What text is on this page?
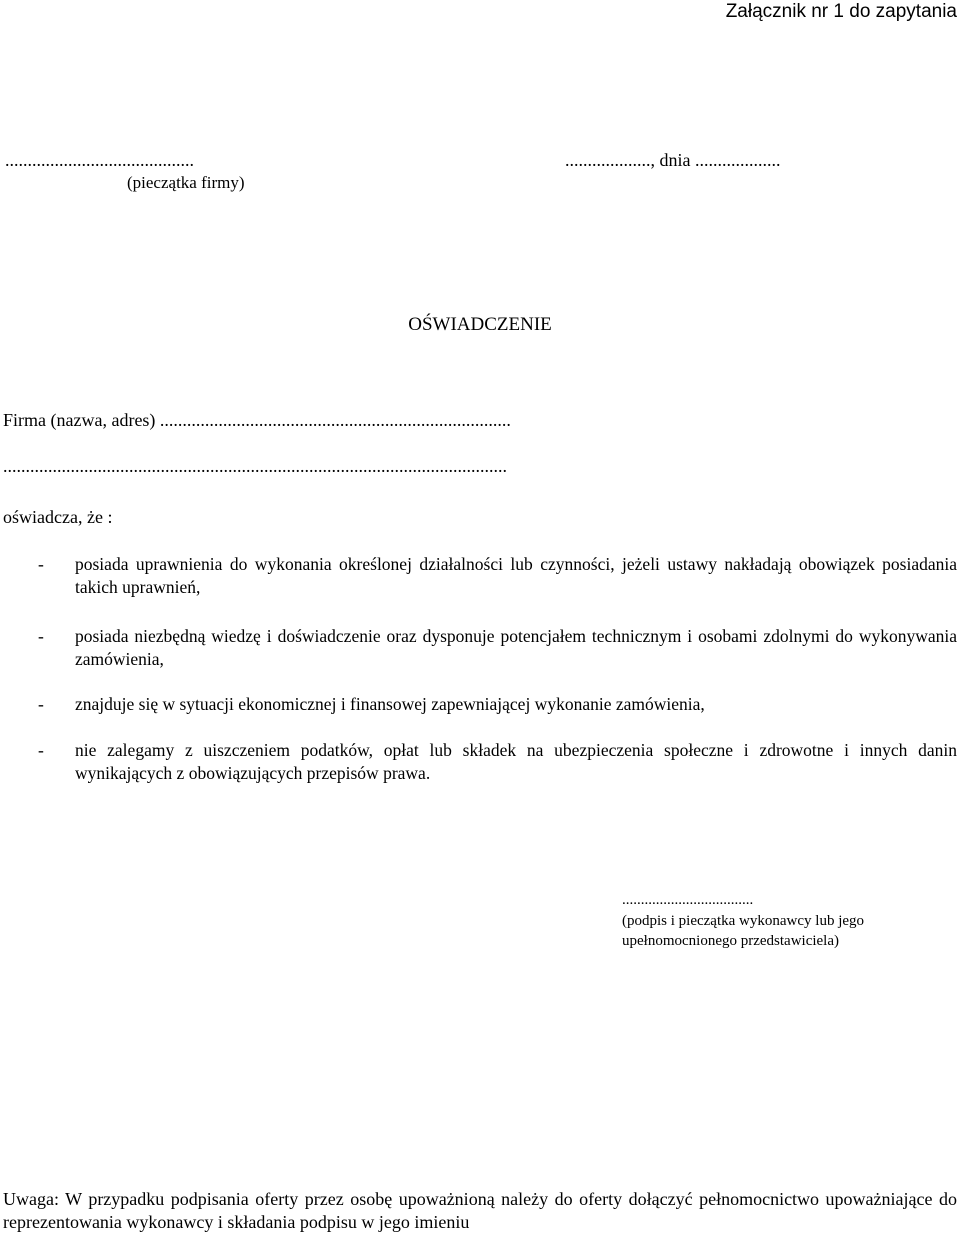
Załącznik nr 1 do zapytania
..........................................
(pieczątka firmy)
..................., dnia ...................
OŚWIADCZENIE
Firma (nazwa, adres) ..............................................................................
................................................................................................................
oświadcza, że :
- posiada uprawnienia do wykonania określonej działalności lub czynności, jeżeli ustawy nakładają obowiązek posiadania takich uprawnień,
- posiada niezbędną wiedzę i doświadczenie oraz dysponuje potencjałem technicznym i osobami zdolnymi do wykonywania zamówienia,
- znajduje się w sytuacji ekonomicznej i finansowej zapewniającej wykonanie zamówienia,
- nie zalegamy z uiszczeniem podatków, opłat lub składek na ubezpieczenia społeczne i zdrowotne i innych danin wynikających z obowiązujących przepisów prawa.
...................................
(podpis i pieczątka wykonawcy lub jego upełnomocnionego przedstawiciela)
Uwaga: W przypadku podpisania oferty przez osobę upoważnioną należy do oferty dołączyć pełnomocnictwo upoważniające do reprezentowania wykonawcy i składania podpisu w jego imieniu
